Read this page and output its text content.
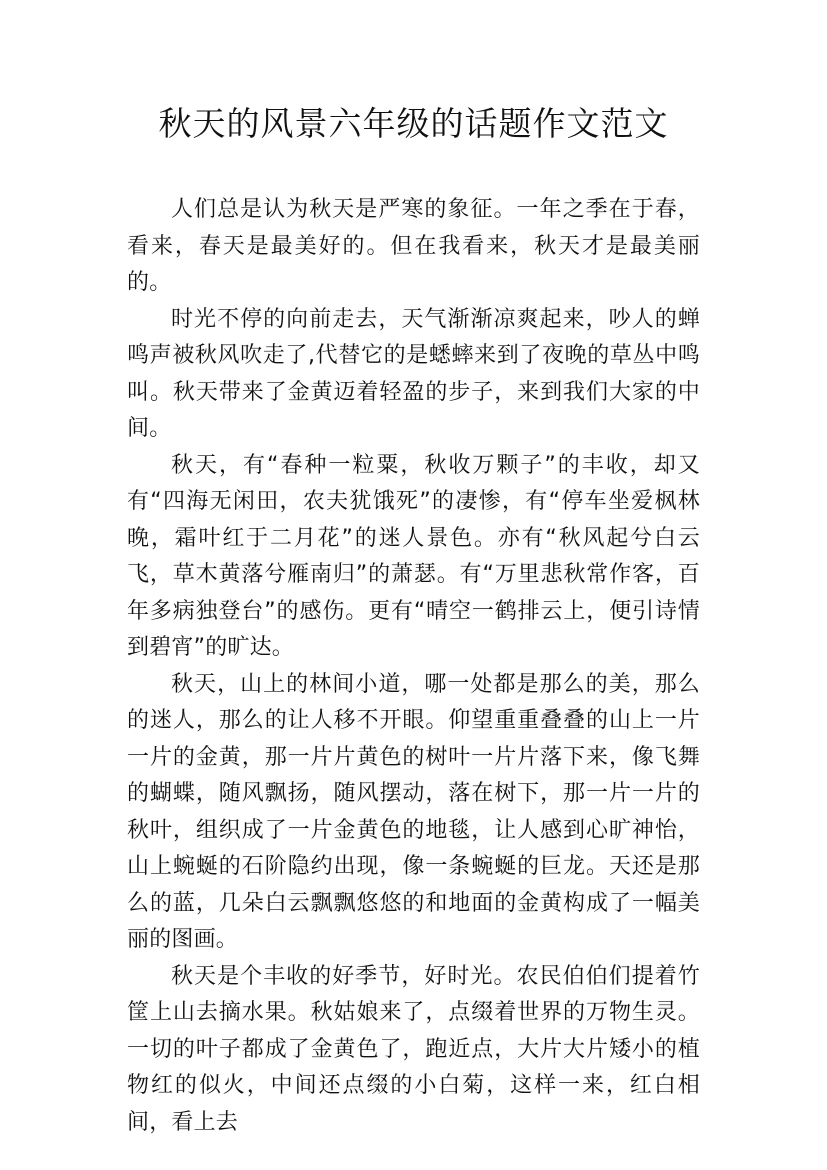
秋天的风景六年级的话题作文范文

人们总是认为秋天是严寒的象征。一年之季在于春，看来，春天是最美好的。但在我看来，秋天才是最美丽的。

时光不停的向前走去，天气渐渐凉爽起来，吵人的蝉鸣声被秋风吹走了,代替它的是蟋蟀来到了夜晚的草丛中鸣叫。秋天带来了金黄迈着轻盈的步子，来到我们大家的中间。

秋天，有“春种一粒粟，秋收万颗子”的丰收，却又有“四海无闲田，农夫犹饿死”的凄惨，有“停车坐爱枫林晚，霜叶红于二月花”的迷人景色。亦有“秋风起兮白云飞，草木黄落兮雁南归”的萧瑟。有“万里悲秋常作客，百年多病独登台”的感伤。更有“晴空一鹤排云上，便引诗情到碧宵”的旷达。

秋天，山上的林间小道，哪一处都是那么的美，那么的迷人，那么的让人移不开眼。仰望重重叠叠的山上一片一片的金黄，那一片片黄色的树叶一片片落下来，像飞舞的蝴蝶，随风飘扬，随风摆动，落在树下，那一片一片的秋叶，组织成了一片金黄色的地毯，让人感到心旷神怡，山上蜿蜒的石阶隐约出现，像一条蜿蜒的巨龙。天还是那么的蓝，几朵白云飘飘悠悠的和地面的金黄构成了一幅美丽的图画。

秋天是个丰收的好季节，好时光。农民伯伯们提着竹筐上山去摘水果。秋姑娘来了，点缀着世界的万物生灵。一切的叶子都成了金黄色了，跑近点，大片大片矮小的植物红的似火，中间还点缀的小白菊，这样一来，红白相间，看上去
